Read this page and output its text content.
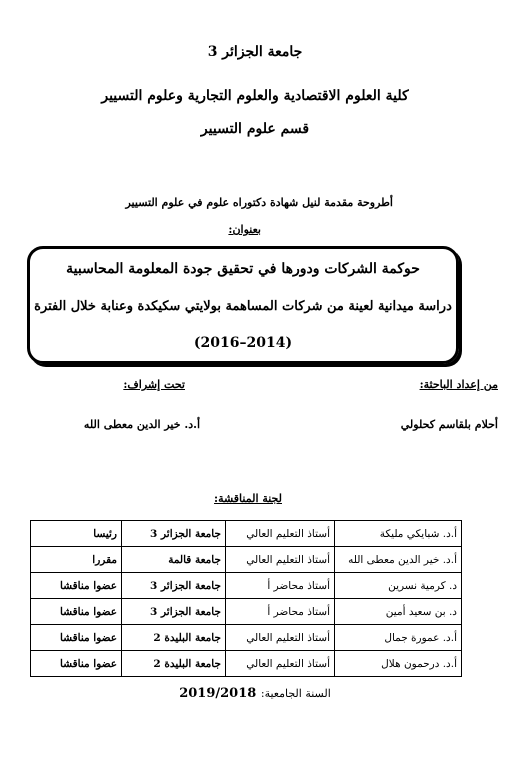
جامعة الجزائر 3
كلية العلوم الاقتصادية والعلوم التجارية وعلوم التسيير
قسم علوم التسيير
أطروحة مقدمة لنيل شهادة دكتوراه علوم في علوم التسيير
بعنوان:
حوكمة الشركات ودورها في تحقيق جودة المعلومة المحاسبية
دراسة ميدانية لعينة من شركات المساهمة بولايتي سكيكدة وعنابة خلال الفترة
(2014–2016)
من إعداد الباحثة:
تحت إشراف:
أحلام بلقاسم كحلولي
أ.د. خير الدين معطى الله
لجنة المناقشة:
أ.د. شبايكي مليكة	أستاذ التعليم العالي	جامعة الجزائر 3	رئيسا
أ.د. خير الدين معطى الله	أستاذ التعليم العالي	جامعة قالمة	مقررا
د. كرمية نسرين	أستاذ محاضر أ	جامعة الجزائر 3	عضوا مناقشا
د. بن سعيد أمين	أستاذ محاضر أ	جامعة الجزائر 3	عضوا مناقشا
أ.د. عمورة جمال	أستاذ التعليم العالي	جامعة البليدة 2	عضوا مناقشا
أ.د. درحمون هلال	أستاذ التعليم العالي	جامعة البليدة 2	عضوا مناقشا
السنة الجامعية: 2019/2018
